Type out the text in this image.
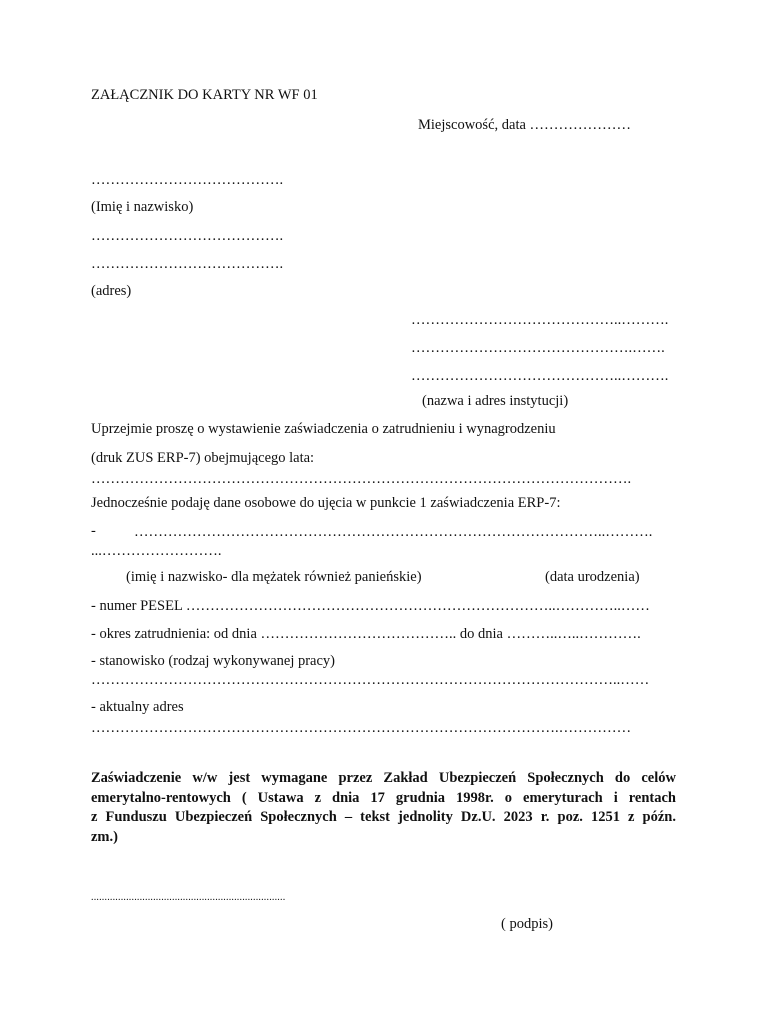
ZAŁĄCZNIK DO KARTY NR WF 01
Miejscowość, data …………………
………………………………….
(Imię i nazwisko)
………………………………….
………………………………….
(adres)
……………………………………..……….
……………………………………….…….
……………………………………..……….
(nazwa i adres instytucji)
Uprzejmie proszę o wystawienie zaświadczenia o zatrudnieniu i wynagrodzeniu
(druk ZUS ERP-7) obejmującego lata:
………………………………………………………………………………………………….
Jednocześnie podaję dane osobowe do ujęcia w punkcie 1 zaświadczenia ERP-7:
-	……………………………………………………………………………………..……….
...…………………….
(imię i nazwisko- dla mężatek również panieńskie)	(data urodzenia)
- numer PESEL …………………………………………………………………..…………..……
- okres zatrudnienia: od dnia ………………………………….. do dnia ………..…..………….
- stanowisko (rodzaj wykonywanej pracy)
………………………………………………………………………………………………..……
- aktualny adres
…………………………………………………………………………………….……………
Zaświadczenie w/w jest wymagane przez Zakład Ubezpieczeń Społecznych do celów
emerytalno-rentowych ( Ustawa z dnia 17 grudnia 1998r. o emeryturach i rentach
z Funduszu Ubezpieczeń Społecznych – tekst jednolity Dz.U. 2023 r. poz. 1251 z późn.
zm.)
........................................................................
( podpis)
